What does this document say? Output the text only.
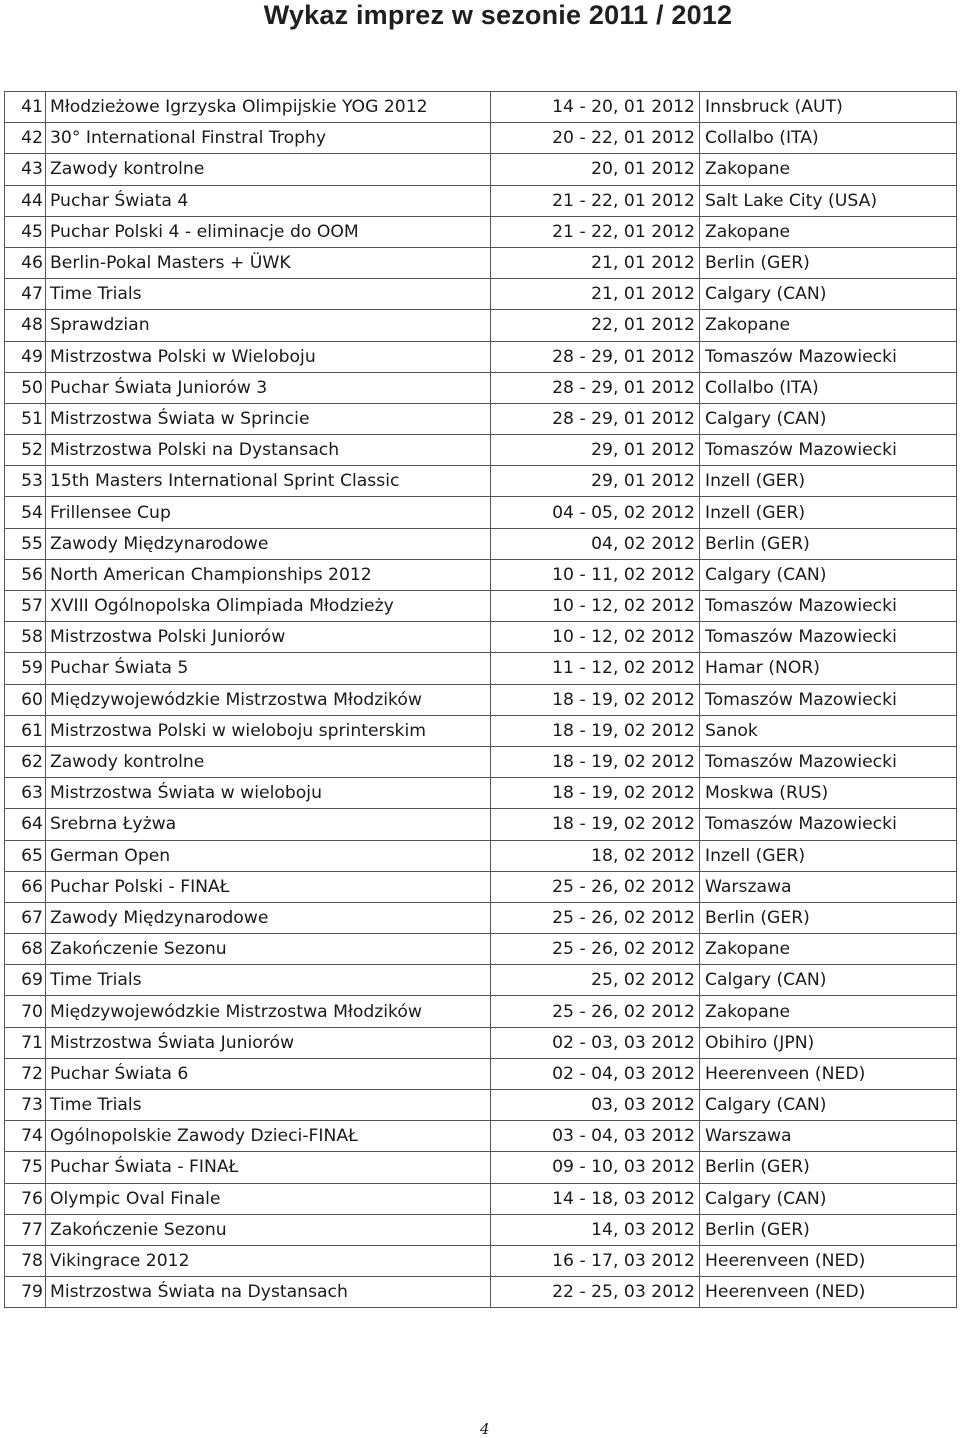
Wykaz imprez w sezonie 2011 / 2012
41	Młodzieżowe Igrzyska Olimpijskie YOG 2012	14 - 20, 01 2012	Innsbruck (AUT)
42	30° International Finstral Trophy	20 - 22, 01 2012	Collalbo (ITA)
43	Zawody kontrolne	20, 01 2012	Zakopane
44	Puchar Świata 4	21 - 22, 01 2012	Salt Lake City (USA)
45	Puchar Polski 4 - eliminacje do OOM	21 - 22, 01 2012	Zakopane
46	Berlin-Pokal Masters + ÜWK	21, 01 2012	Berlin (GER)
47	Time Trials	21, 01 2012	Calgary (CAN)
48	Sprawdzian	22, 01 2012	Zakopane
49	Mistrzostwa Polski w Wieloboju	28 - 29, 01 2012	Tomaszów Mazowiecki
50	Puchar Świata Juniorów 3	28 - 29, 01 2012	Collalbo (ITA)
51	Mistrzostwa Świata w Sprincie	28 - 29, 01 2012	Calgary (CAN)
52	Mistrzostwa Polski na Dystansach	29, 01 2012	Tomaszów Mazowiecki
53	15th Masters International Sprint Classic	29, 01 2012	Inzell (GER)
54	Frillensee Cup	04 - 05, 02 2012	Inzell (GER)
55	Zawody Międzynarodowe	04, 02 2012	Berlin (GER)
56	North American Championships 2012	10 - 11, 02 2012	Calgary (CAN)
57	XVIII Ogólnopolska Olimpiada Młodzieży	10 - 12, 02 2012	Tomaszów Mazowiecki
58	Mistrzostwa Polski Juniorów	10 - 12, 02 2012	Tomaszów Mazowiecki
59	Puchar Świata 5	11 - 12, 02 2012	Hamar (NOR)
60	Międzywojewódzkie Mistrzostwa Młodzików	18 - 19, 02 2012	Tomaszów Mazowiecki
61	Mistrzostwa Polski w wieloboju sprinterskim	18 - 19, 02 2012	Sanok
62	Zawody kontrolne	18 - 19, 02 2012	Tomaszów Mazowiecki
63	Mistrzostwa Świata w wieloboju	18 - 19, 02 2012	Moskwa (RUS)
64	Srebrna Łyżwa	18 - 19, 02 2012	Tomaszów Mazowiecki
65	German Open	18, 02 2012	Inzell (GER)
66	Puchar Polski - FINAŁ	25 - 26, 02 2012	Warszawa
67	Zawody Międzynarodowe	25 - 26, 02 2012	Berlin (GER)
68	Zakończenie Sezonu	25 - 26, 02 2012	Zakopane
69	Time Trials	25, 02 2012	Calgary (CAN)
70	Międzywojewódzkie Mistrzostwa Młodzików	25 - 26, 02 2012	Zakopane
71	Mistrzostwa Świata Juniorów	02 - 03, 03 2012	Obihiro (JPN)
72	Puchar Świata 6	02 - 04, 03 2012	Heerenveen (NED)
73	Time Trials	03, 03 2012	Calgary (CAN)
74	Ogólnopolskie Zawody Dzieci-FINAŁ	03 - 04, 03 2012	Warszawa
75	Puchar Świata - FINAŁ	09 - 10, 03 2012	Berlin (GER)
76	Olympic Oval Finale	14 - 18, 03 2012	Calgary (CAN)
77	Zakończenie Sezonu	14, 03 2012	Berlin (GER)
78	Vikingrace 2012	16 - 17, 03 2012	Heerenveen (NED)
79	Mistrzostwa Świata na Dystansach	22 - 25, 03 2012	Heerenveen (NED)
4
